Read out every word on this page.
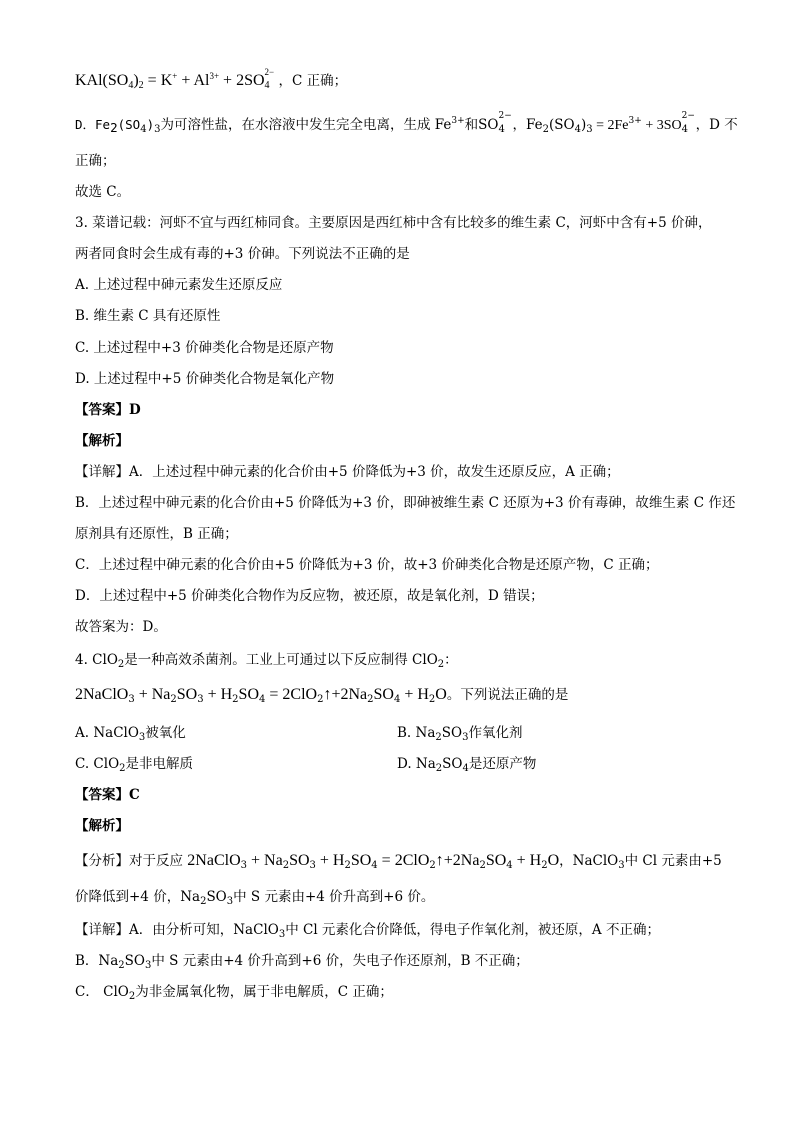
$KAl(SO_4)_2 = K^+ + Al^{3+} + 2SO$ 2−
4 ，C 正确；
D．$Fe_2(SO_4)_3$为可溶性盐，在水溶液中发生完全电离，生成 $Fe^{3+}$和SO
2−
4 ，$Fe_2(SO_4)_3 = 2Fe^{3+} + 3SO$
2−
4 ，D 不
正确；
故选 C。
3. 菜谱记载：河虾不宜与西红柿同食。主要原因是西红柿中含有比较多的维生素 C，河虾中含有+5 价砷，
两者同食时会生成有毒的+3 价砷。下列说法不正确的是
A. 上述过程中砷元素发生还原反应
B. 维生素 C 具有还原性
C. 上述过程中+3 价砷类化合物是还原产物
D. 上述过程中+5 价砷类化合物是氧化产物
【答案】D
【解析】
【详解】A．上述过程中砷元素的化合价由+5 价降低为+3 价，故发生还原反应，A 正确；
B．上述过程中砷元素的化合价由+5 价降低为+3 价，即砷被维生素 C 还原为+3 价有毒砷，故维生素 C 作还
原剂具有还原性，B 正确；
C．上述过程中砷元素的化合价由+5 价降低为+3 价，故+3 价砷类化合物是还原产物，C 正确；
D．上述过程中+5 价砷类化合物作为反应物，被还原，故是氧化剂，D 错误；
故答案为：D。
4. ClO$_2$是一种高效杀菌剂。工业上可通过以下反应制得 ClO$_2$：
2NaClO$_3$ + $Na_2SO_3 + H_2SO_4$ = $2ClO_2↑+2Na_2SO_4 + H_2O$。下列说法正确的是
A. NaClO$_3$被氧化	B. $Na_2SO_3$作氧化剂
C. ClO$_2$是非电解质	D. $Na_2SO_4$是还原产物
【答案】C
【解析】
【分析】对于反应 2NaClO$_3$ + $Na_2SO_3 + H_2SO_4$ = $2ClO_2↑+2Na_2SO_4 + H_2O$，NaClO$_3$中 Cl 元素由+5
价降低到+4 价，$Na_2SO_3$中 S 元素由+4 价升高到+6 价。
【详解】A．由分析可知，NaClO$_3$中 Cl 元素化合价降低，得电子作氧化剂，被还原，A 不正确；
B．$Na_2SO_3$中 S 元素由+4 价升高到+6 价，失电子作还原剂，B 不正确；
C． ClO$_2$为非金属氧化物，属于非电解质，C 正确；
